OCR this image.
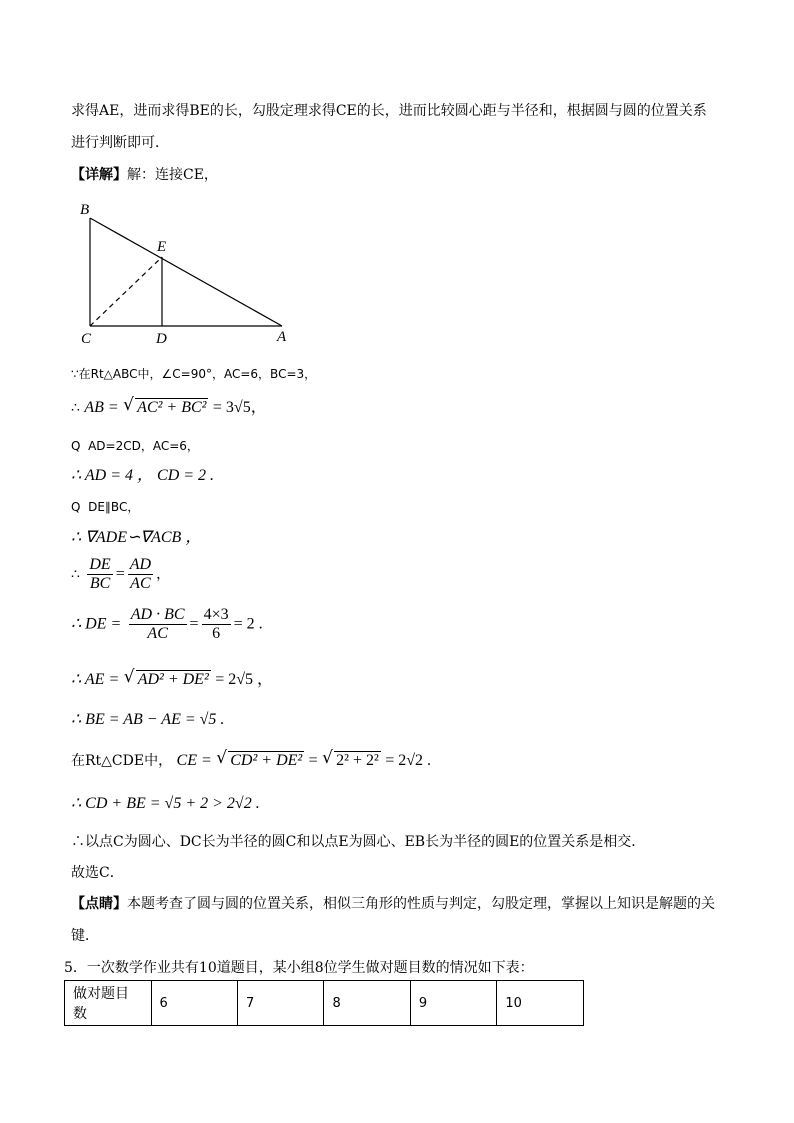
求得AE，进而求得BE的长，勾股定理求得CE的长，进而比较圆心距与半径和，根据圆与圆的位置关系
进行判断即可．
【详解】解：连接CE，
B
E
C	D	A
∵在Rt△ABC中，∠C=90°，AC=6，BC=3，
∴ AB = √ AC² + BC² = 3√5，
Q AD=2CD，AC=6，
∴ AD = 4 ， CD = 2 .
Q DE∥BC，
∴ ∇ADE∽∇ACB ，
∴ $\frac{DE}{BC} = \frac{AD}{AC}$ ，
∴ DE = $\frac{AD \cdot BC}{AC} = \frac{4\times 3}{6} = 2$ .
∴ AE = √ AD² + DE² = 2√5 ，
∴ BE = AB − AE = √5 .
在Rt△CDE中， CE = √ CD² + DE² = √ 2² + 2² = 2√2 .
∴ CD + BE = √5 + 2 > 2√2 .
∴以点C为圆心、DC长为半径的圆C和以点E为圆心、EB长为半径的圆E的位置关系是相交．
故选C．
【点睛】本题考查了圆与圆的位置关系，相似三角形的性质与判定，勾股定理，掌握以上知识是解题的关
键．
5．一次数学作业共有10道题目，某小组8位学生做对题目数的情况如下表：
做对题目数	6	7	8	9	10
